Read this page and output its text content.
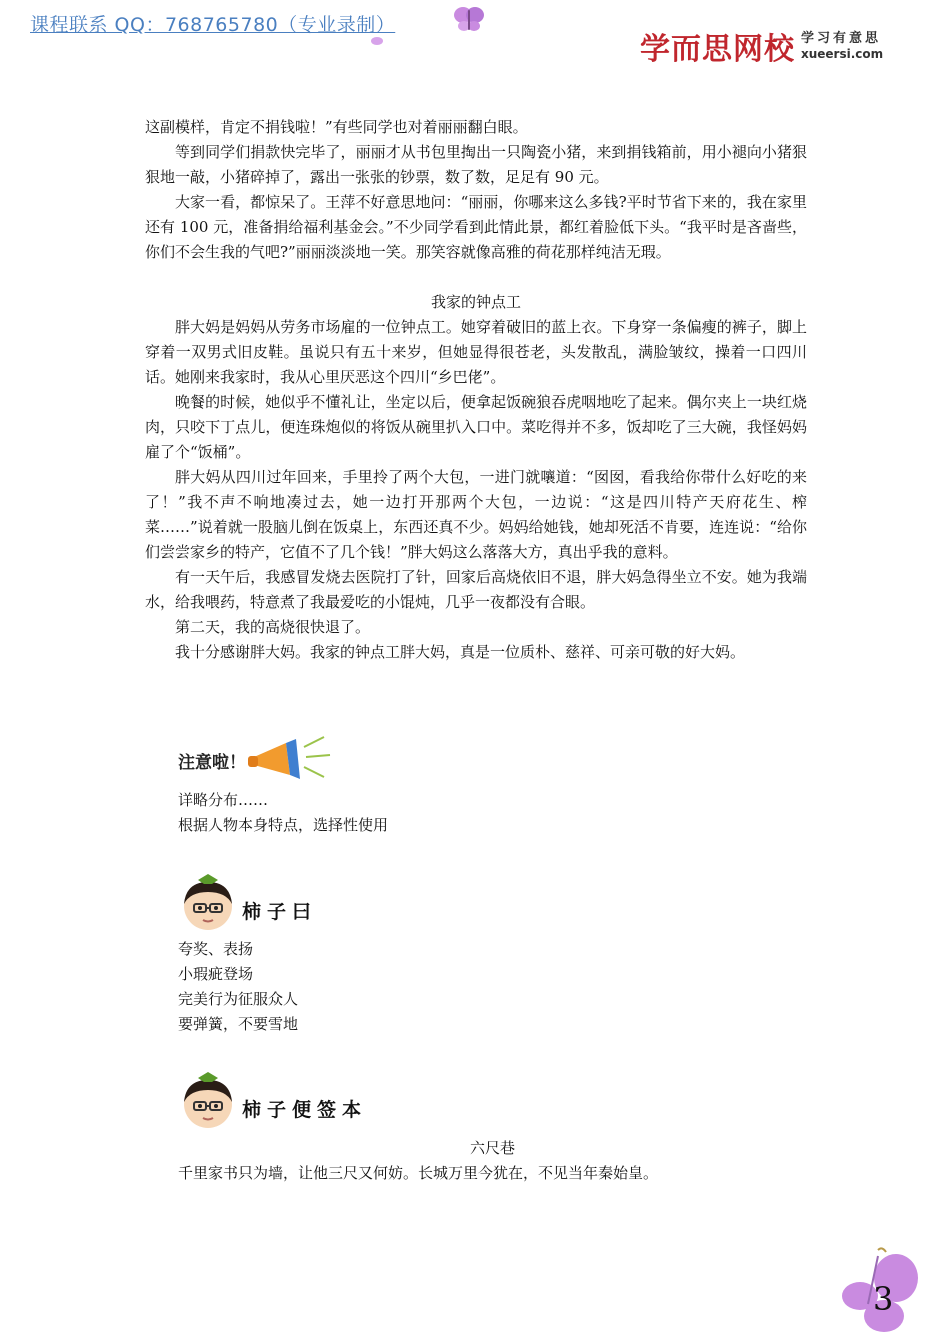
课程联系 QQ：768765780（专业录制）
学而思网校 学习有意思
xueersi.com

这副模样，肯定不捐钱啦！”有些同学也对着丽丽翻白眼。

等到同学们捐款快完毕了，丽丽才从书包里掏出一只陶瓷小猪，来到捐钱箱前，用小褪向小猪狠狠地一敲，小猪碎掉了，露出一张张的钞票，数了数，足足有 90 元。

大家一看，都惊呆了。王萍不好意思地问：“丽丽，你哪来这么多钱?平时节省下来的，我在家里还有 100 元，准备捐给福利基金会。”不少同学看到此情此景，都红着脸低下头。“我平时是吝啬些，你们不会生我的气吧?”丽丽淡淡地一笑。那笑容就像高雅的荷花那样纯洁无瑕。

我家的钟点工

胖大妈是妈妈从劳务市场雇的一位钟点工。她穿着破旧的蓝上衣。下身穿一条偏瘦的裤子，脚上穿着一双男式旧皮鞋。虽说只有五十来岁，但她显得很苍老，头发散乱，满脸皱纹，操着一口四川话。她刚来我家时，我从心里厌恶这个四川“乡巴佬”。

晚餐的时候，她似乎不懂礼让，坐定以后，便拿起饭碗狼吞虎咽地吃了起来。偶尔夹上一块红烧肉，只咬下丁点儿，便连珠炮似的将饭从碗里扒入口中。菜吃得并不多，饭却吃了三大碗，我怪妈妈雇了个“饭桶”。

胖大妈从四川过年回来，手里拎了两个大包，一进门就嚷道：“囡囡，看我给你带什么好吃的来了！”我不声不响地凑过去，她一边打开那两个大包，一边说：“这是四川特产天府花生、榨菜……”说着就一股脑儿倒在饭桌上，东西还真不少。妈妈给她钱，她却死活不肯要，连连说：“给你们尝尝家乡的特产，它值不了几个钱！”胖大妈这么落落大方，真出乎我的意料。

有一天午后，我感冒发烧去医院打了针，回家后高烧依旧不退，胖大妈急得坐立不安。她为我端水，给我喂药，特意煮了我最爱吃的小馄炖，几乎一夜都没有合眼。

第二天，我的高烧很快退了。

我十分感谢胖大妈。我家的钟点工胖大妈，真是一位质朴、慈祥、可亲可敬的好大妈。

注意啦！

详略分布……

根据人物本身特点，选择性使用

柿子曰

夸奖、表扬

小瑕疵登场

完美行为征服众人

要弹簧，不要雪地

柿子便签本
六尺巷
千里家书只为墙，让他三尺又何妨。长城万里今犹在，不见当年秦始皇。
3
